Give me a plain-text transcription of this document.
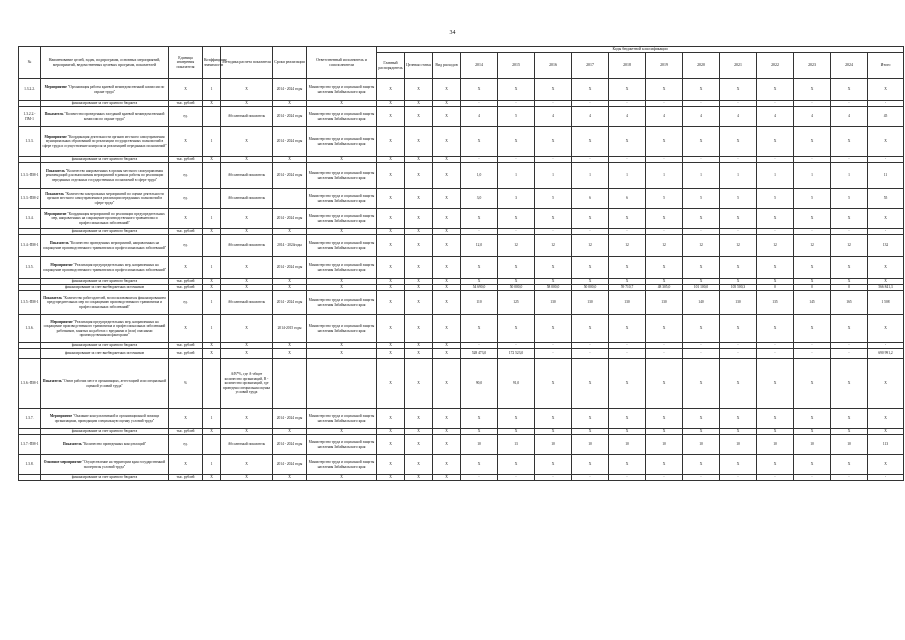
34
№	Наименование целей, задач, подпрограмм, основных мероприятий, мероприятий, ведомственных целевых программ, показателей	Единица измерения показателя	Коэффициент значимости	Методика расчета показателя	Сроки реализации	Ответственный исполнитель и соисполнители	Коды бюджетной классификации														
							Главный распорядитель	Целевая статья	Вид расходов	2014	2015	2016	2017	2018	2019	2020	2021	2022	2023	2024	Итого
1.3.2.2.	Мероприятие "Организация работы краевой межведомственной комиссии по охране труда"	X	1	X	2014 - 2024 годы	Министерство труда и социальной защиты населения Забайкальского края	X	X	X	X	X	X	X	X	X	X	X	X	X	X	X
	финансирование за счет краевого бюджета	тыс. рублей	X	X	X	X	X	X	X	-	-	-	-	-	-	-	-	-	-	-	-
1.3.2.2.-ПМ-1	Показатель "Количество проведенных заседаний краевой межведомственной комиссии по охране труда"	ед.		Абсолютный показатель	2014 - 2024 годы	Министерство труда и социальной защиты населения Забайкальского края	X	X	X	4	5	4	4	4	4	4	4	4	4	4	45
1.3.3.	Мероприятие "Координация деятельности органов местного самоуправления муниципальных образований по реализации государственных полномочий в сфере труда и осуществление контроля за реализацией переданных полномочий"	X	1	X	2014 - 2024 годы	Министерство труда и социальной защиты населения Забайкальского края	X	X	X	X	X	X	X	X	X	X	X	X	X	X	X
	финансирование за счет краевого бюджета	тыс. рублей	X	X	X	X	X	X	X	-	-	-	-	-	-	-	-	-	-	-	-
1.3.3.-ПМ-1	Показатель "Количество направленных в органы местного самоуправления рекомендаций для выполнения мероприятий в рамках работы по реализации переданных отдельных государственных полномочий в сфере труда"	ед.		Абсолютный показатель	2014 - 2024 годы	Министерство труда и социальной защиты населения Забайкальского края	X	X	X	1,0	1	1	1	1	1	1	1	1	1	1	11
1.3.3.-ПМ-2	Показатель "Количество контрольных мероприятий по оценке деятельности органов местного самоуправления в реализации переданных полномочий в сфере труда"	ед.		Абсолютный показатель		Министерство труда и социальной защиты населения Забайкальского края	X	X	X	3,0	3	5	6	6	5	5	5	5	5	5	55
1.3.4.	Мероприятие "Координация мероприятий по реализации предупредительных мер, направленных на сокращение производственного травматизма и профессиональных заболеваний"	X	1	X	2014 - 2024 годы	Министерство труда и социальной защиты населения Забайкальского края	X	X	X	X	X	X	X	X	X	X	X	X	X	X	X
	финансирование за счет краевого бюджета	тыс. рублей	X	X	X	X	X	X	X	-	-	-	-	-	-	-	-	-	-	-	-
1.3.4.-ПМ-1	Показатель "Количество проведенных мероприятий, направленных на сокращение производственного травматизма и профессиональных заболеваний"	ед.		Абсолютный показатель	2014 - 2024годы	Министерство труда и социальной защиты населения Забайкальского края	X	X	X	12,0	12	12	12	12	12	12	12	12	12	12	132
1.3.5.	Мероприятие "Реализация предупредительных мер, направленных на сокращение производственного травматизма и профессиональных заболеваний"	X	1	X	2014 - 2024 годы	Министерство труда и социальной защиты населения Забайкальского края	X	X	X	X	X	X	X	X	X	X	X	X	X	X	X
	финансирование за счет краевого бюджета	тыс. рублей	X	X	X	X	X	X	X	X	X	X	X	X	X	X	X	X	X	X	X
	финансирование за счет внебюджетных источников	тыс. рублей	X	X	X	X	X	X	X	54 690,0	50 000,0	58 000,0	50 000,0	59 710,7	48 305,0	101 100,0	105 500,3	0	0	0	566 841,3
1.3.5.-ПМ-1	Показатель "Количество работодателей, воспользовавшихся финансированием предупредительных мер по сокращению производственного травматизма и профессиональных заболеваний"	ед.	1	Абсолютный показатель	2014 - 2024 годы	Министерство труда и социальной защиты населения Забайкальского края	X	X	X	110	125	130	130	130	130	140	130	135	145	165	1 508
1.3.6.	Мероприятие "Реализация предупредительных мер, направленных на сокращение производственного травматизма и профессиональных заболеваний работников, занятых на работах с вредными и (или) опасными производственными факторами"	X	1	X	2014-2015 годы	Министерство труда и социальной защиты населения Забайкальского края	X	X	X	X	X	X	X	X	X	X	X	X	X	X	X
	финансирование за счет краевого бюджета	тыс. рублей	X	X	X	X	X	X	X	-	-	-	-	-	-	-	-	-	-	-	-
	финансирование за счет внебюджетных источников	тыс. рублей	X	X	X	X	X	X	X	528 473,0	172 523,0	-	-	-	-	-	-	-	-	-	690 991,2
1.3.6.-ПМ-1	Показатель "Охват рабочих мест в организациях, аттестацией или специальной оценкой условий труда"	%		А/В*%, где А-общее количество организаций, В - количество организаций, где проведена специальная оценка условий труда			X	X	X	90,0	91,0	X	X	X	X	X	X	X	X	X	X
1.3.7.	Мероприятие "Оказание консультативной и организационной помощи организациям, проводящим специальную оценку условий труда"	X	1	X	2014 - 2024 годы	Министерство труда и социальной защиты населения Забайкальского края	X	X	X	X	X	X	X	X	X	X	X	X	X	X	X
	финансирование за счет краевого бюджета	тыс. рублей	X	X	X	X	X	X	X	X	X	X	X	X	X	X	X	X	X	X	X
1.3.7.-ПМ-1	Показатель "Количество проведенных консультаций"	ед.		Абсолютный показатель	2014 - 2024 годы	Министерство труда и социальной защиты населения Забайкальского края	X	X	X	10	13	10	10	10	10	10	10	10	10	10	113
1.3.8.	Основное мероприятие "Осуществление на территории края государственной экспертизы условий труда"	X	1	X	2014 - 2024 годы	Министерство труда и социальной защиты населения Забайкальского края	X	X	X	X	X	X	X	X	X	X	X	X	X	X	X
	финансирование за счет краевого бюджета	тыс. рублей	X	X	X	X	X	X	X	-	-	-	-	-	-	-	-	-	-	-	-
